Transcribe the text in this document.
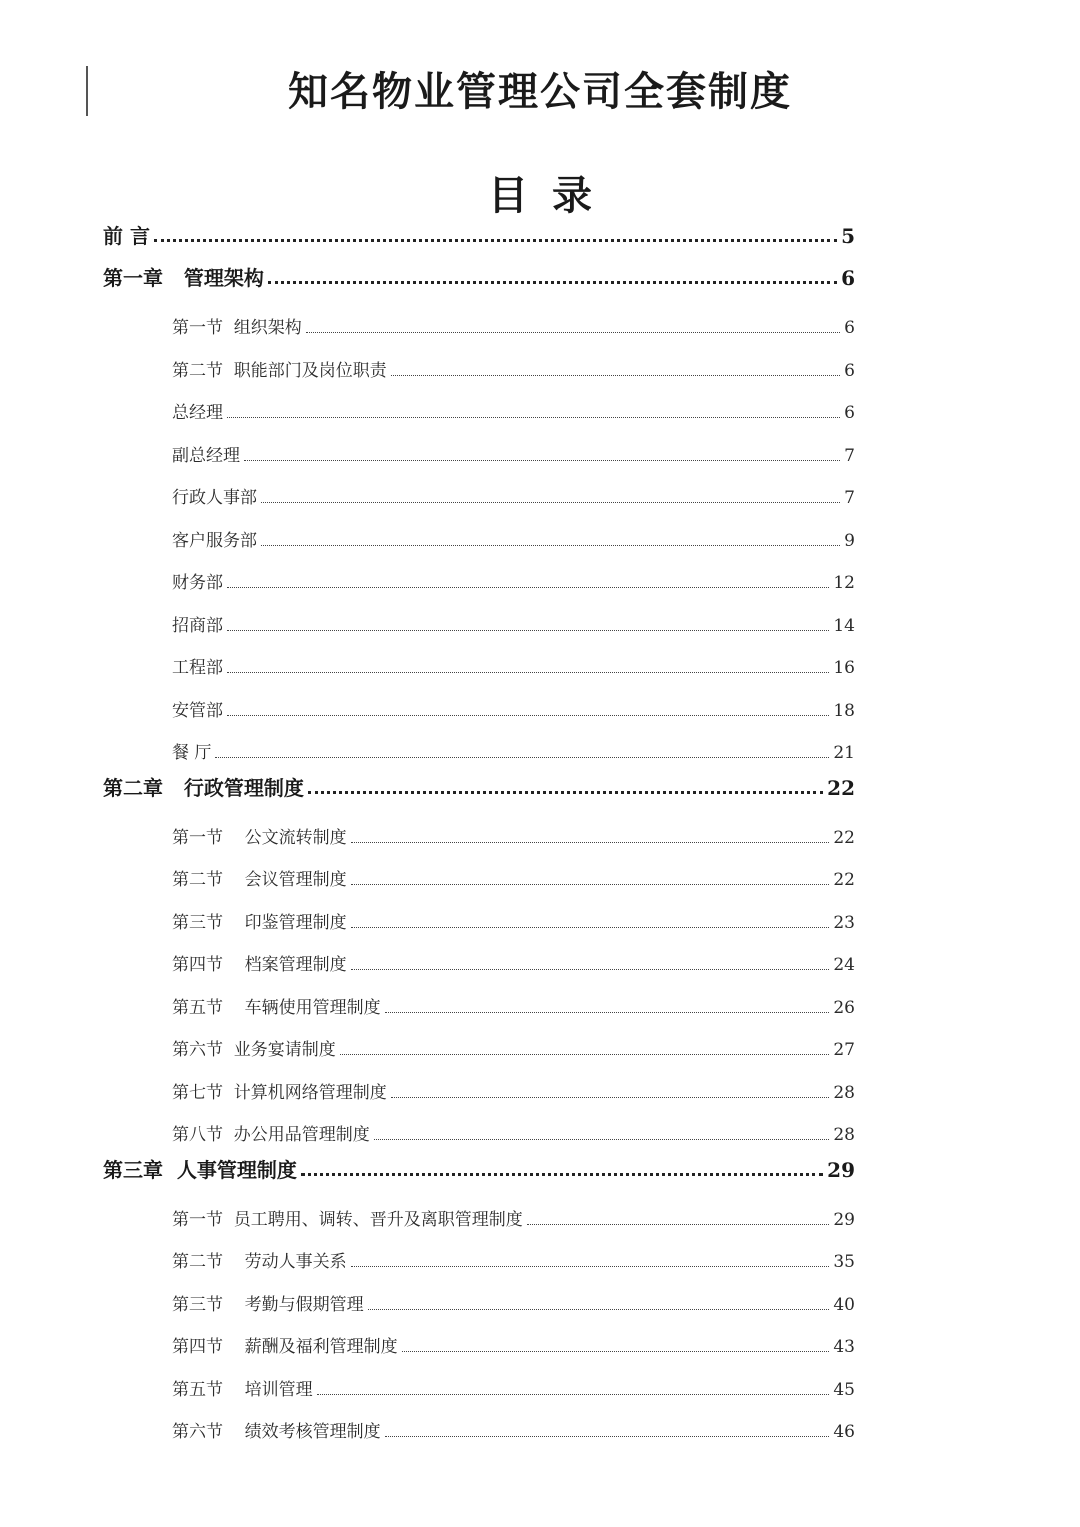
知名物业管理公司全套制度
目录
前 言	5
第一章   管理架构	6
第一节  组织架构	6
第二节  职能部门及岗位职责	6
总经理	6
副总经理	7
行政人事部	7
客户服务部	9
财务部	12
招商部	14
工程部	16
安管部	18
餐 厅	21
第二章   行政管理制度	22
第一节    公文流转制度	22
第二节    会议管理制度	22
第三节    印鉴管理制度	23
第四节    档案管理制度	24
第五节    车辆使用管理制度	26
第六节  业务宴请制度	27
第七节  计算机网络管理制度	28
第八节  办公用品管理制度	28
第三章  人事管理制度	29
第一节  员工聘用、调转、晋升及离职管理制度	29
第二节    劳动人事关系	35
第三节    考勤与假期管理	40
第四节    薪酬及福利管理制度	43
第五节    培训管理	45
第六节    绩效考核管理制度	46
